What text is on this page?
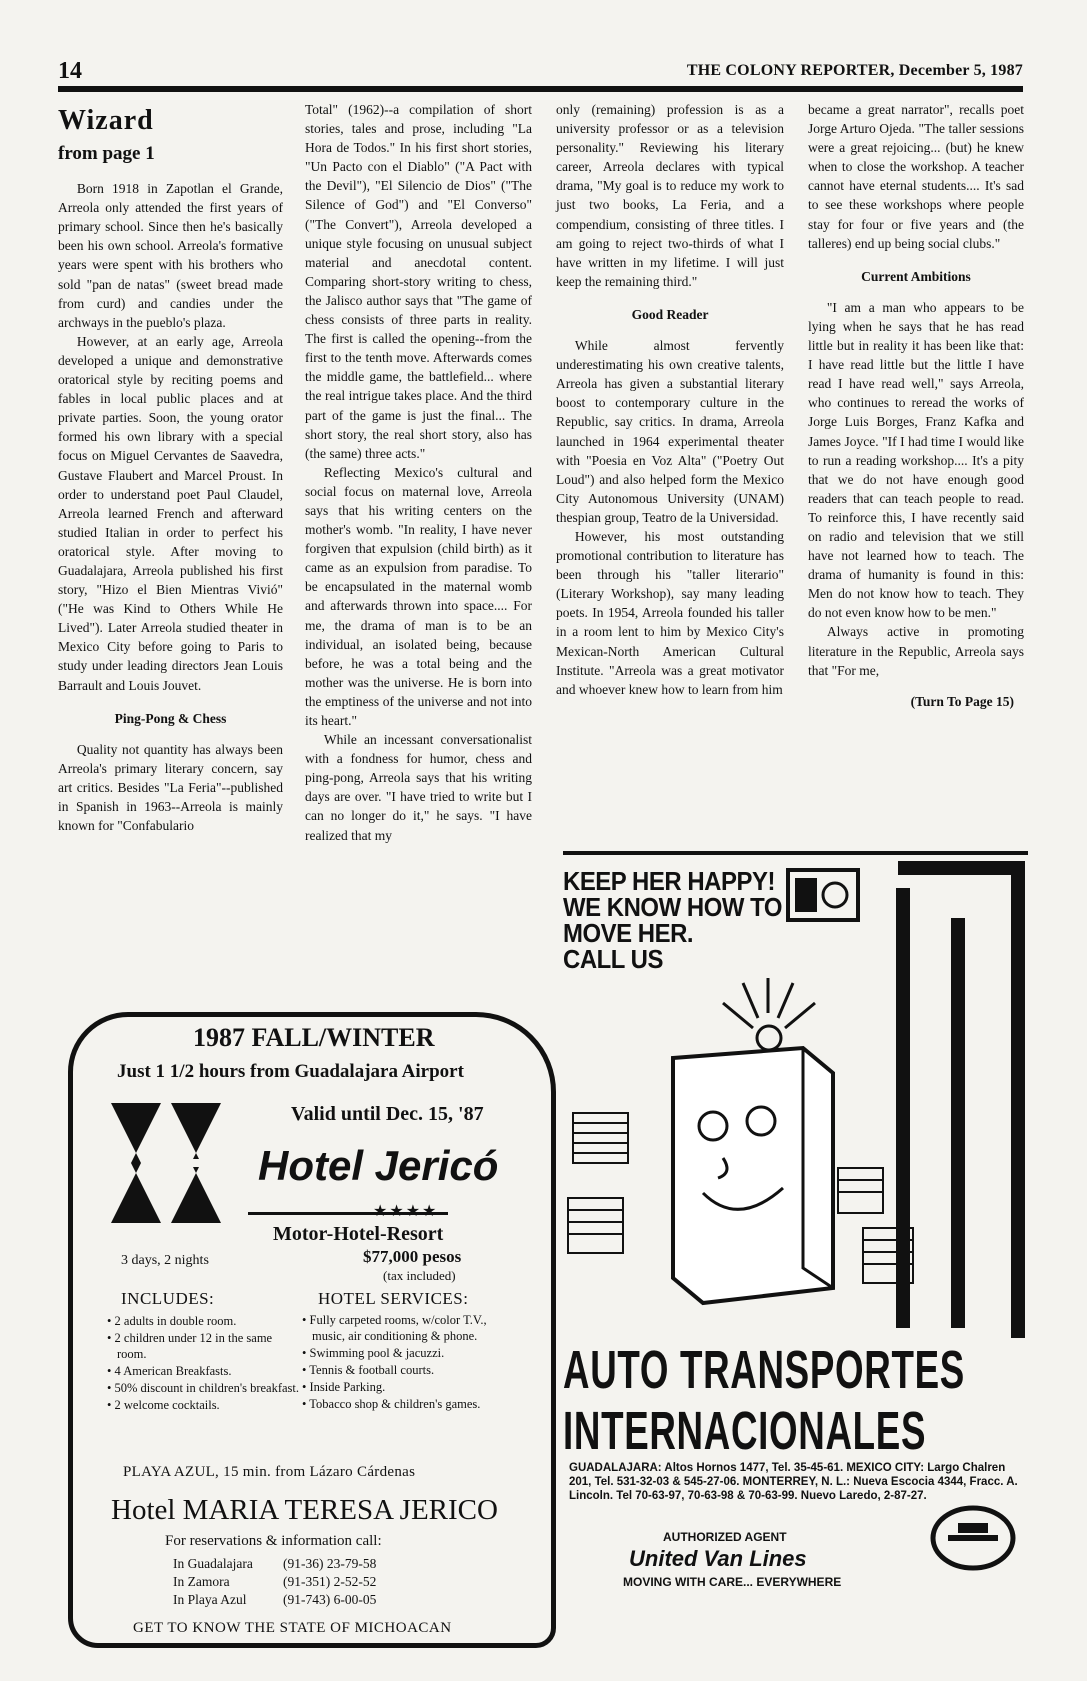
14	THE COLONY REPORTER, December 5, 1987
Wizard
from page 1

Born 1918 in Zapotlan el Grande, Arreola only attended the first years of primary school. Since then he's basically been his own school. Arreola's formative years were spent with his brothers who sold "pan de natas" (sweet bread made from curd) and candies under the archways in the pueblo's plaza.

However, at an early age, Arreola developed a unique and demonstrative oratorical style by reciting poems and fables in local public places and at private parties. Soon, the young orator formed his own library with a special focus on Miguel Cervantes de Saavedra, Gustave Flaubert and Marcel Proust. In order to understand poet Paul Claudel, Arreola learned French and afterward studied Italian in order to perfect his oratorical style. After moving to Guadalajara, Arreola published his first story, "Hizo el Bien Mientras Vivió" ("He was Kind to Others While He Lived"). Later Arreola studied theater in Mexico City before going to Paris to study under leading directors Jean Louis Barrault and Louis Jouvet.

Ping-Pong & Chess

Quality not quantity has always been Arreola's primary literary concern, say art critics. Besides "La Feria"--published in Spanish in 1963--Arreola is mainly known for "Confabulario

Total" (1962)--a compilation of short stories, tales and prose, including "La Hora de Todos." In his first short stories, "Un Pacto con el Diablo" ("A Pact with the Devil"), "El Silencio de Dios" ("The Silence of God") and "El Converso" ("The Convert"), Arreola developed a unique style focusing on unusual subject material and anecdotal content. Comparing short-story writing to chess, the Jalisco author says that "The game of chess consists of three parts in reality. The first is called the opening--from the first to the tenth move. Afterwards comes the middle game, the battlefield... where the real intrigue takes place. And the third part of the game is just the final... The short story, the real short story, also has (the same) three acts."

Reflecting Mexico's cultural and social focus on maternal love, Arreola says that his writing centers on the mother's womb. "In reality, I have never forgiven that expulsion (child birth) as it came as an expulsion from paradise. To be encapsulated in the maternal womb and afterwards thrown into space.... For me, the drama of man is to be an individual, an isolated being, because before, he was a total being and the mother was the universe. He is born into the emptiness of the universe and not into its heart."

While an incessant conversationalist with a fondness for humor, chess and ping-pong, Arreola says that his writing days are over. "I have tried to write but I can no longer do it," he says. "I have realized that my

only (remaining) profession is as a university professor or as a television personality." Reviewing his literary career, Arreola declares with typical drama, "My goal is to reduce my work to just two books, La Feria, and a compendium, consisting of three titles. I am going to reject two-thirds of what I have written in my lifetime. I will just keep the remaining third."

Good Reader

While almost fervently underestimating his own creative talents, Arreola has given a substantial literary boost to contemporary culture in the Republic, say critics. In drama, Arreola launched in 1964 experimental theater with "Poesia en Voz Alta" ("Poetry Out Loud") and also helped form the Mexico City Autonomous University (UNAM) thespian group, Teatro de la Universidad.

However, his most outstanding promotional contribution to literature has been through his "taller literario" (Literary Workshop), say many leading poets. In 1954, Arreola founded his taller in a room lent to him by Mexico City's Mexican-North American Cultural Institute. "Arreola was a great motivator and whoever knew how to learn from him

became a great narrator", recalls poet Jorge Arturo Ojeda. "The taller sessions were a great rejoicing... (but) he knew when to close the workshop. A teacher cannot have eternal students.... It's sad to see these workshops where people stay for four or five years and (the talleres) end up being social clubs."

Current Ambitions

"I am a man who appears to be lying when he says that he has read little but in reality it has been like that: I have read little but the little I have read I have read well," says Arreola, who continues to reread the works of Jorge Luis Borges, Franz Kafka and James Joyce. "If I had time I would like to run a reading workshop.... It's a pity that we do not have enough good readers that can teach people to read. To reinforce this, I have recently said on radio and television that we still have not learned how to teach. The drama of humanity is found in this: Men do not know how to teach. They do not even know how to be men."

Always active in promoting literature in the Republic, Arreola says that "For me,

(Turn To Page 15)
1987 FALL/WINTER
Just 1 1/2 hours from Guadalajara Airport
Valid until Dec. 15, '87
Hotel Jericó
★★★★
Motor-Hotel-Resort
3 days, 2 nights	$77,000 pesos
(tax included)
INCLUDES:
• 2 adults in double room.
• 2 children under 12 in the same room.
• 4 American Breakfasts.
• 50% discount in children's breakfast.
• 2 welcome cocktails.
HOTEL SERVICES:
• Fully carpeted rooms, w/color T.V., music, air conditioning & phone.
• Swimming pool & jacuzzi.
• Tennis & football courts.
• Inside Parking.
• Tobacco shop & children's games.
PLAYA AZUL, 15 min. from Lázaro Cárdenas
Hotel MARIA TERESA JERICO
For reservations & information call:
In Guadalajara	(91-36) 23-79-58
In Zamora	(91-351) 2-52-52
In Playa Azul	(91-743) 6-00-05
GET TO KNOW THE STATE OF MICHOACAN
KEEP HER HAPPY!
WE KNOW HOW TO
MOVE HER.
CALL US
AUTO TRANSPORTES
INTERNACIONALES
GUADALAJARA: Altos Hornos 1477, Tel. 35-45-61. MEXICO CITY: Largo Chalren 201, Tel. 531-32-03 & 545-27-06. MONTERREY, N. L.: Nueva Escocia 4344, Fracc. A. Lincoln. Tel 70-63-97, 70-63-98 & 70-63-99. Nuevo Laredo, 2-87-27.
AUTHORIZED AGENT
United Van Lines
MOVING WITH CARE... EVERYWHERE
